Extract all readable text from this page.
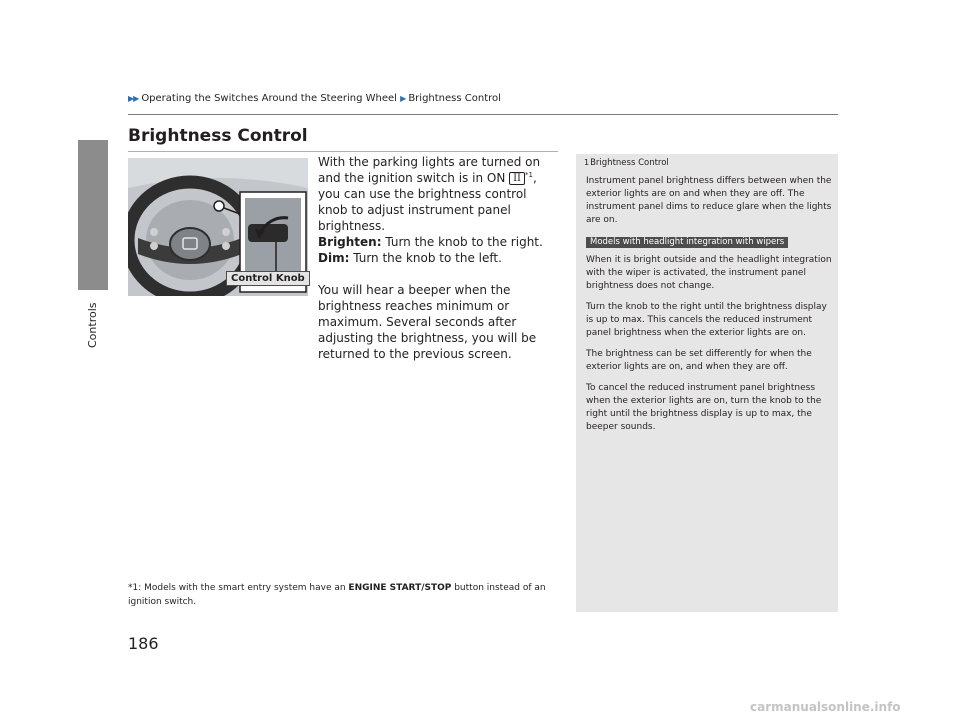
Controls
▶▶ Operating the Switches Around the Steering Wheel ▶ Brightness Control
Brightness Control
Control Knob

With the parking lights are turned on and the ignition switch is in ON II $^{*1}$, you can use the brightness control knob to adjust instrument panel brightness.

Brighten: Turn the knob to the right.

Dim: Turn the knob to the left.

You will hear a beeper when the brightness reaches minimum or maximum. Several seconds after adjusting the brightness, you will be returned to the previous screen.

*1: Models with the smart entry system have an ENGINE START/STOP button instead of an ignition switch.
186
1Brightness Control

Instrument panel brightness differs between when the exterior lights are on and when they are off. The instrument panel dims to reduce glare when the lights are on.

Models with headlight integration with wipers

When it is bright outside and the headlight integration with the wiper is activated, the instrument panel brightness does not change.

Turn the knob to the right until the brightness display is up to max. This cancels the reduced instrument panel brightness when the exterior lights are on.

The brightness can be set differently for when the exterior lights are on, and when they are off.

To cancel the reduced instrument panel brightness when the exterior lights are on, turn the knob to the right until the brightness display is up to max, the beeper sounds.

carmanualsonline.info
